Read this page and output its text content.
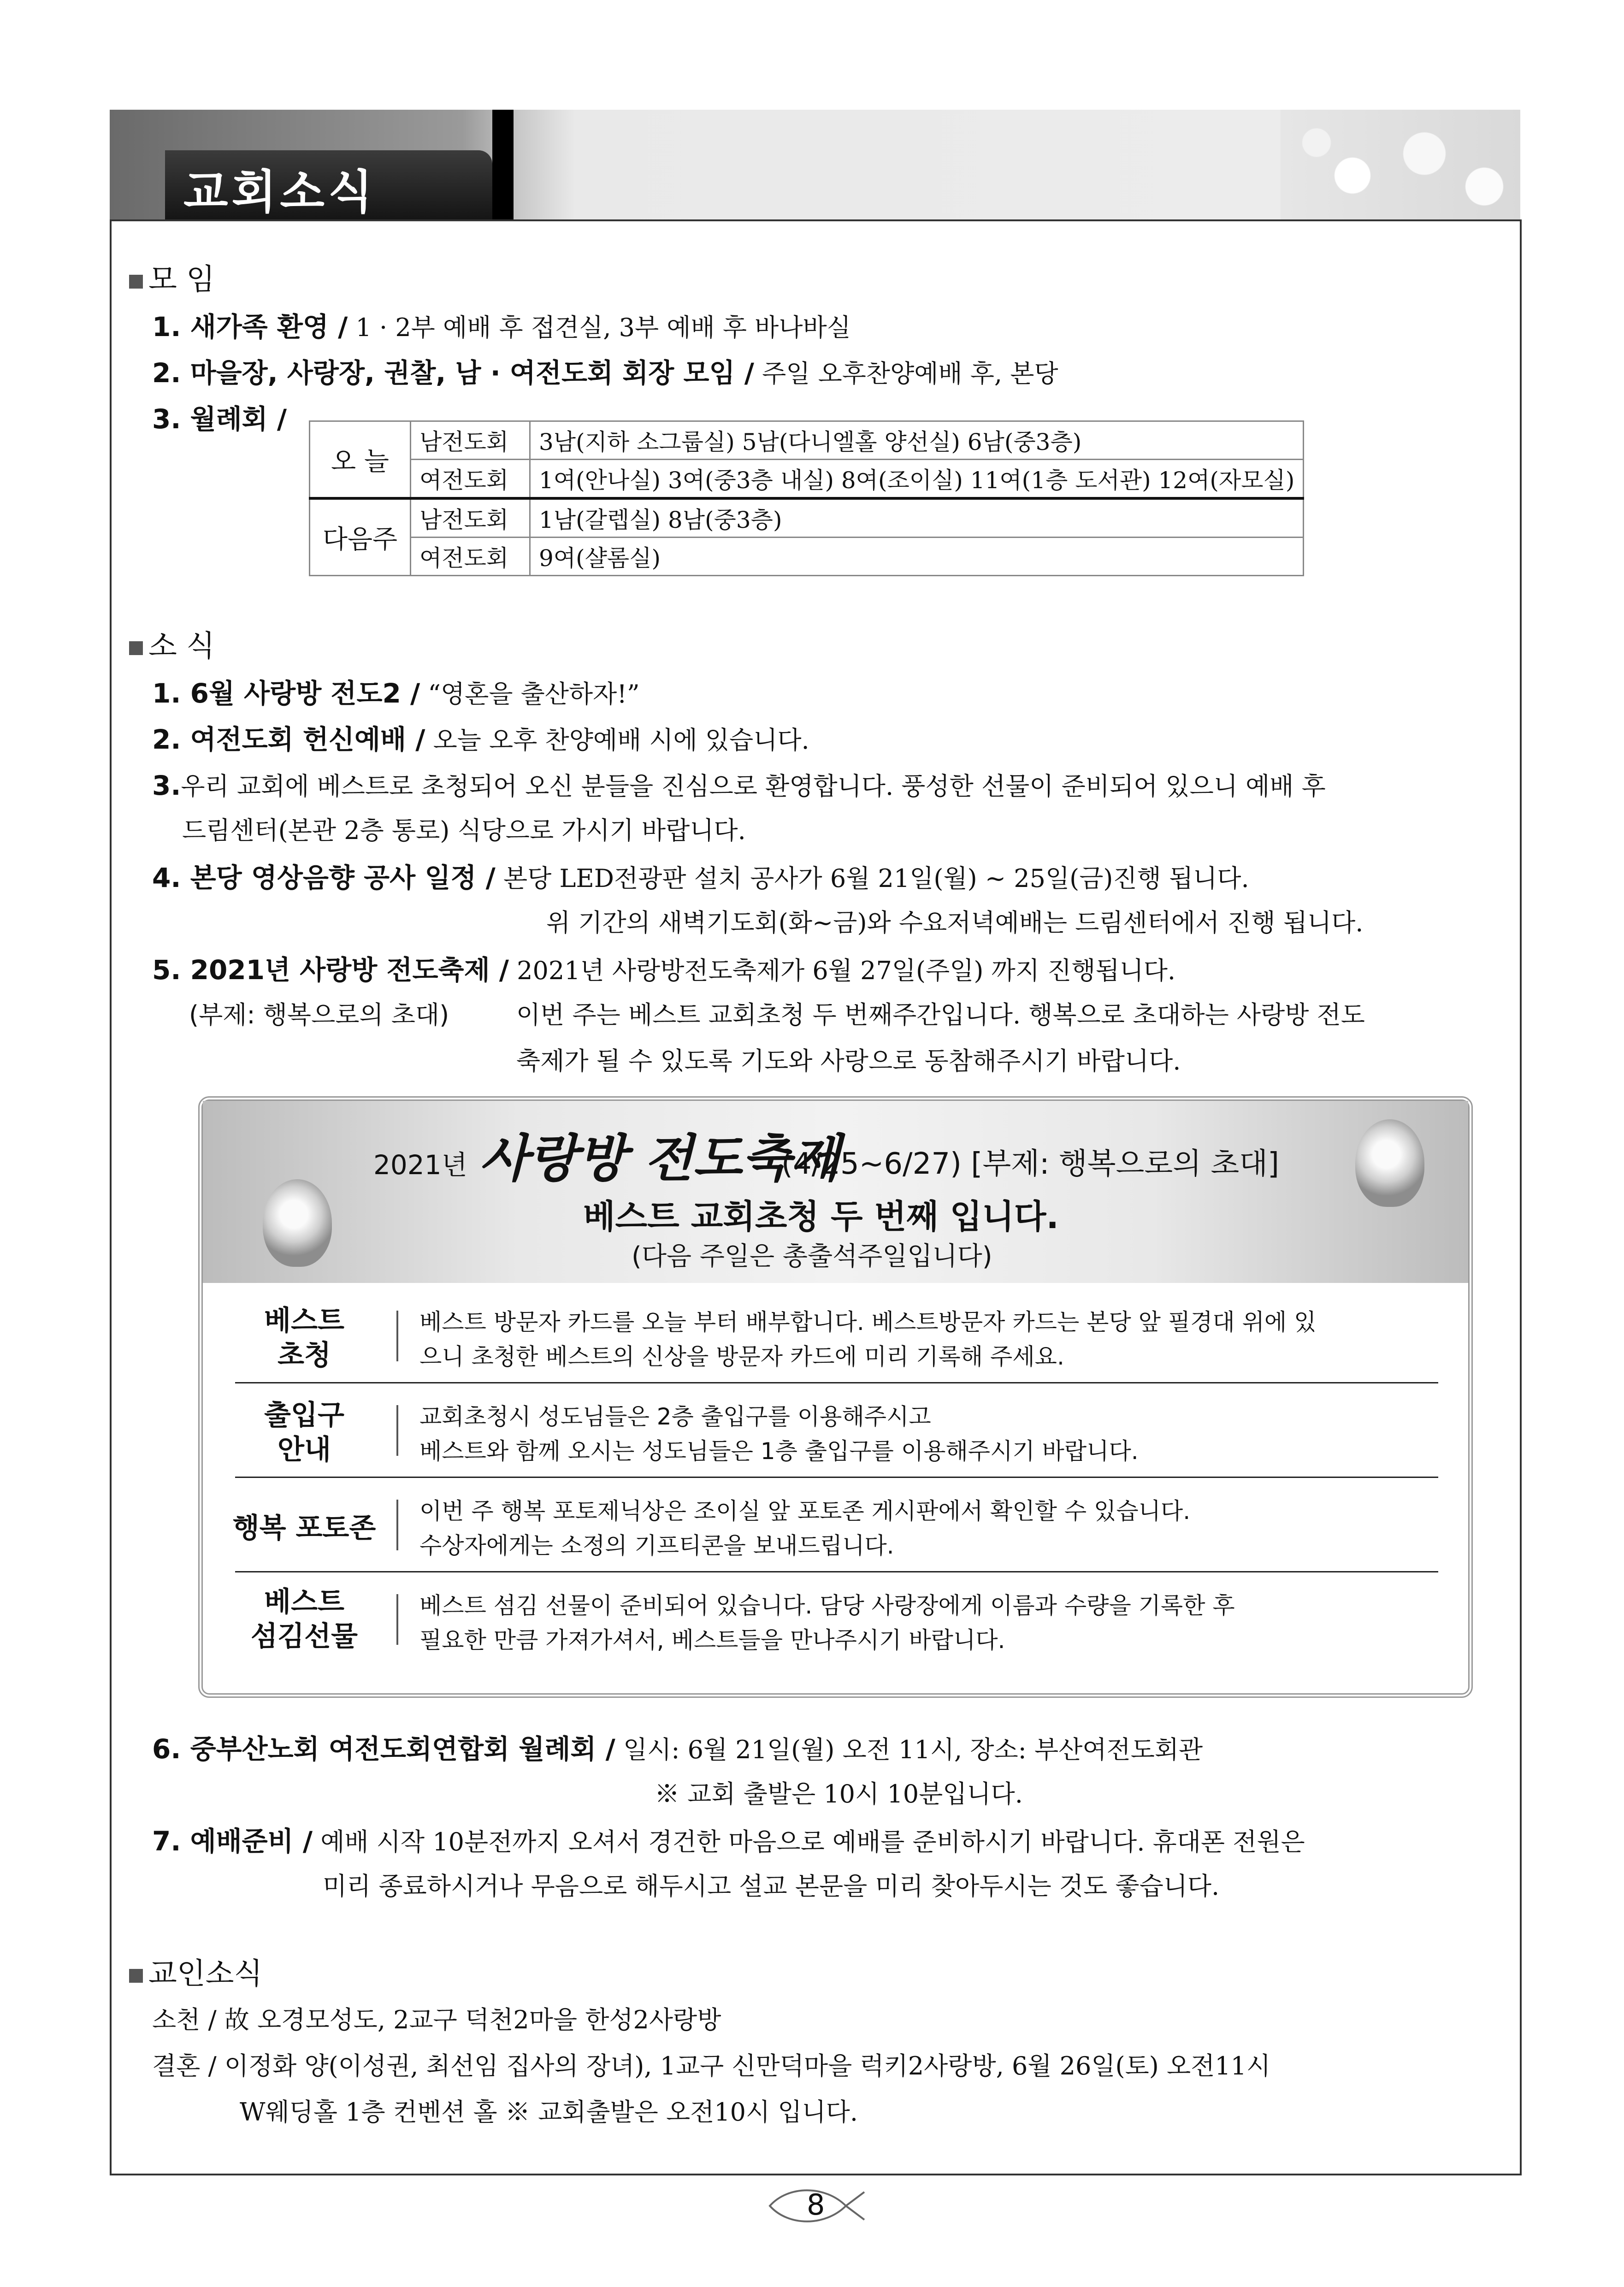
교회소식
모 임
1. 새가족 환영 / 1 · 2부 예배 후 접견실, 3부 예배 후 바나바실
2. 마을장, 사랑장, 권찰, 남 · 여전도회 회장 모임 / 주일 오후찬양예배 후, 본당
3. 월례회 /
오 늘	남전도회	3남(지하 소그룹실) 5남(다니엘홀 양선실) 6남(중3층)
	여전도회	1여(안나실) 3여(중3층 내실) 8여(조이실) 11여(1층 도서관) 12여(자모실)
다음주	남전도회	1남(갈렙실) 8남(중3층)
	여전도회	9여(샬롬실)
소 식
1. 6월 사랑방 전도2 / “영혼을 출산하자!”
2. 여전도회 헌신예배 / 오늘 오후 찬양예배 시에 있습니다.
3.우리 교회에 베스트로 초청되어 오신 분들을 진심으로 환영합니다. 풍성한 선물이 준비되어 있으니 예배 후
드림센터(본관 2층 통로) 식당으로 가시기 바랍니다.
4. 본당 영상음향 공사 일정 / 본당 LED전광판 설치 공사가 6월 21일(월) ~ 25일(금)진행 됩니다.
위 기간의 새벽기도회(화~금)와 수요저녁예배는 드림센터에서 진행 됩니다.
5. 2021년 사랑방 전도축제 / 2021년 사랑방전도축제가 6월 27일(주일) 까지 진행됩니다.
(부제: 행복으로의 초대)	이번 주는 베스트 교회초청 두 번째주간입니다. 행복으로 초대하는 사랑방 전도
축제가 될 수 있도록 기도와 사랑으로 동참해주시기 바랍니다.
2021년 사랑방 전도축제
(4/25~6/27) [부제: 행복으로의 초대]
베스트 교회초청 두 번째 입니다.
(다음 주일은 총출석주일입니다)
베스트
초청
베스트 방문자 카드를 오늘 부터 배부합니다. 베스트방문자 카드는 본당 앞 필경대 위에 있
으니 초청한 베스트의 신상을 방문자 카드에 미리 기록해 주세요.
출입구
안내
교회초청시 성도님들은 2층 출입구를 이용해주시고
베스트와 함께 오시는 성도님들은 1층 출입구를 이용해주시기 바랍니다.
행복 포토존
이번 주 행복 포토제닉상은 조이실 앞 포토존 게시판에서 확인할 수 있습니다.
수상자에게는 소정의 기프티콘을 보내드립니다.
베스트
섬김선물
베스트 섬김 선물이 준비되어 있습니다. 담당 사랑장에게 이름과 수량을 기록한 후
필요한 만큼 가져가셔서, 베스트들을 만나주시기 바랍니다.
6. 중부산노회 여전도회연합회 월례회 / 일시: 6월 21일(월) 오전 11시, 장소: 부산여전도회관
※ 교회 출발은 10시 10분입니다.
7. 예배준비 / 예배 시작 10분전까지 오셔서 경건한 마음으로 예배를 준비하시기 바랍니다. 휴대폰 전원은
미리 종료하시거나 무음으로 해두시고 설교 본문을 미리 찾아두시는 것도 좋습니다.
교인소식
소천 / 故 오경모성도, 2교구 덕천2마을 한성2사랑방
결혼 / 이정화 양(이성권, 최선임 집사의 장녀), 1교구 신만덕마을 럭키2사랑방, 6월 26일(토) 오전11시
W웨딩홀 1층 컨벤션 홀 ※ 교회출발은 오전10시 입니다.
8
